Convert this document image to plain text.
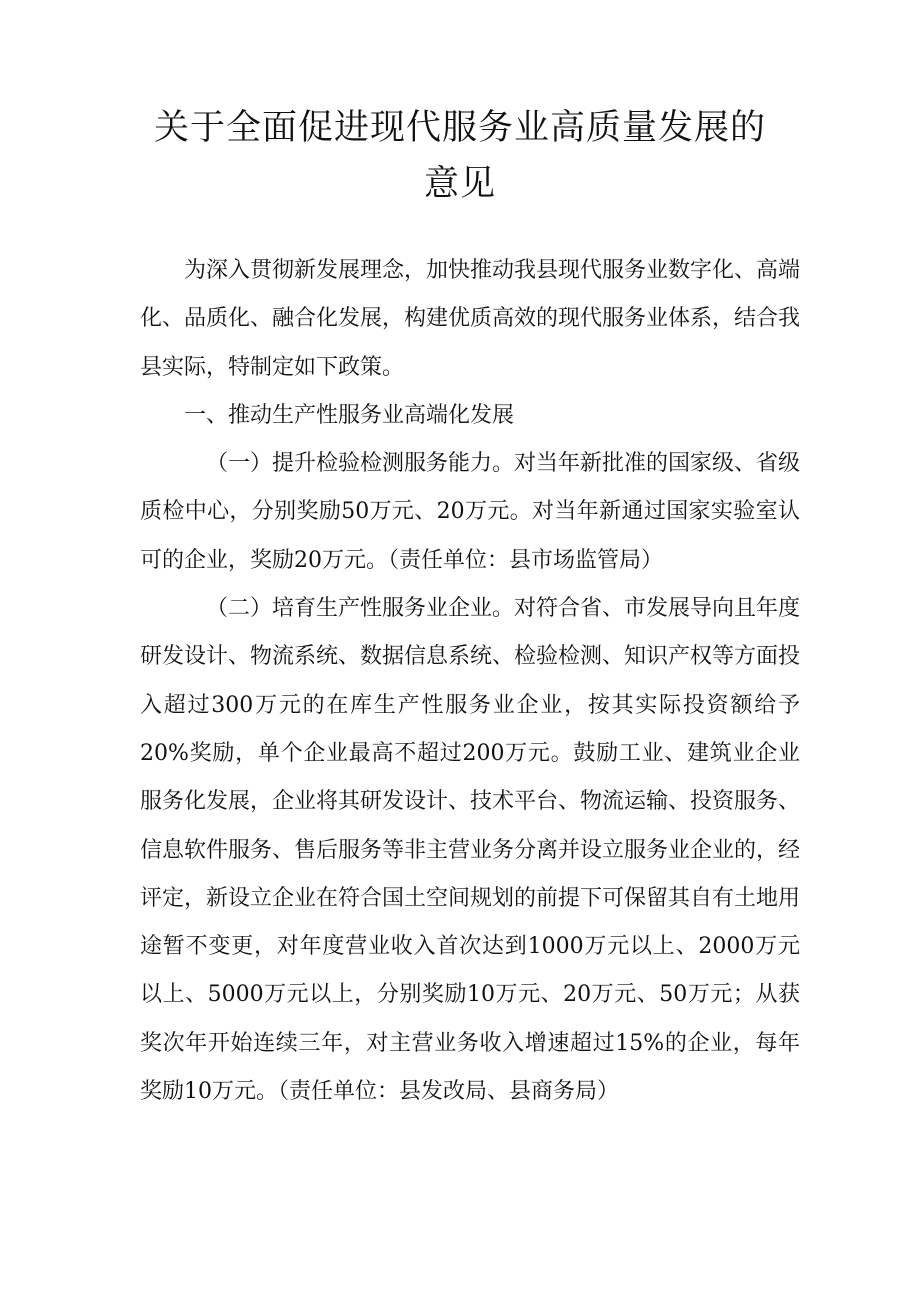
关于全面促进现代服务业高质量发展的意见

为深入贯彻新发展理念，加快推动我县现代服务业数字化、高端化、品质化、融合化发展，构建优质高效的现代服务业体系，结合我县实际，特制定如下政策。

一、推动生产性服务业高端化发展

（一）提升检验检测服务能力。对当年新批准的国家级、省级质检中心，分别奖励50万元、20万元。对当年新通过国家实验室认可的企业，奖励20万元。（责任单位：县市场监管局）

（二）培育生产性服务业企业。对符合省、市发展导向且年度研发设计、物流系统、数据信息系统、检验检测、知识产权等方面投入超过300万元的在库生产性服务业企业，按其实际投资额给予20%奖励，单个企业最高不超过200万元。鼓励工业、建筑业企业服务化发展，企业将其研发设计、技术平台、物流运输、投资服务、信息软件服务、售后服务等非主营业务分离并设立服务业企业的，经评定，新设立企业在符合国土空间规划的前提下可保留其自有土地用途暂不变更，对年度营业收入首次达到1000万元以上、2000万元以上、5000万元以上，分别奖励10万元、20万元、50万元；从获奖次年开始连续三年，对主营业务收入增速超过15%的企业，每年奖励10万元。（责任单位：县发改局、县商务局）
